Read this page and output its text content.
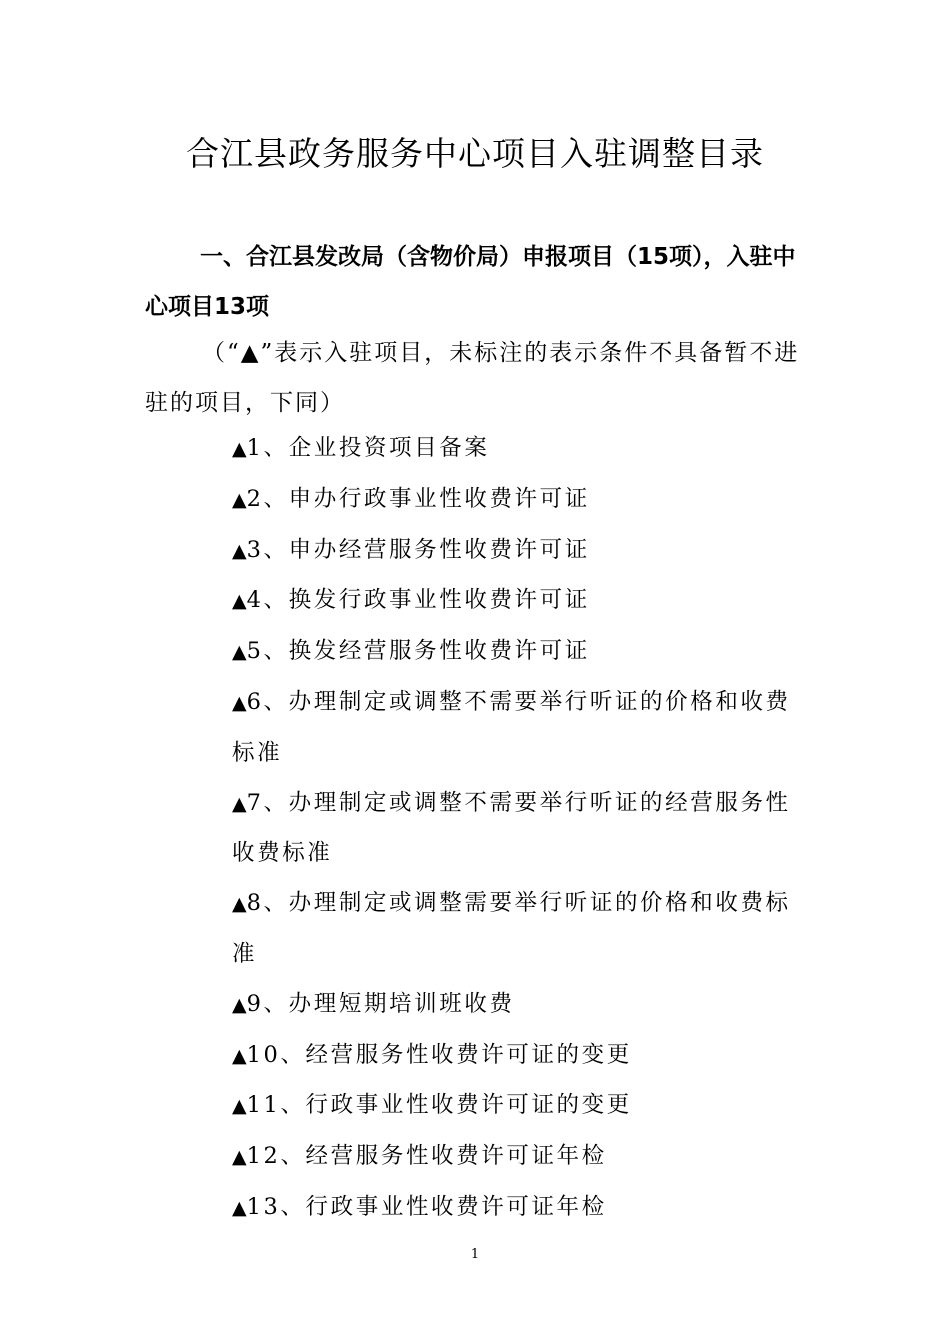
合江县政务服务中心项目入驻调整目录

一、合江县发改局（含物价局）申报项目（15项），入驻中心项目13项

（“▲”表示入驻项目，未标注的表示条件不具备暂不进驻的项目，下同）

▲1、企业投资项目备案
▲2、申办行政事业性收费许可证
▲3、申办经营服务性收费许可证
▲4、换发行政事业性收费许可证
▲5、换发经营服务性收费许可证
▲6、办理制定或调整不需要举行听证的价格和收费标准
▲7、办理制定或调整不需要举行听证的经营服务性收费标准
▲8、办理制定或调整需要举行听证的价格和收费标准
▲9、办理短期培训班收费
▲10、经营服务性收费许可证的变更
▲11、行政事业性收费许可证的变更
▲12、经营服务性收费许可证年检
▲13、行政事业性收费许可证年检

1
